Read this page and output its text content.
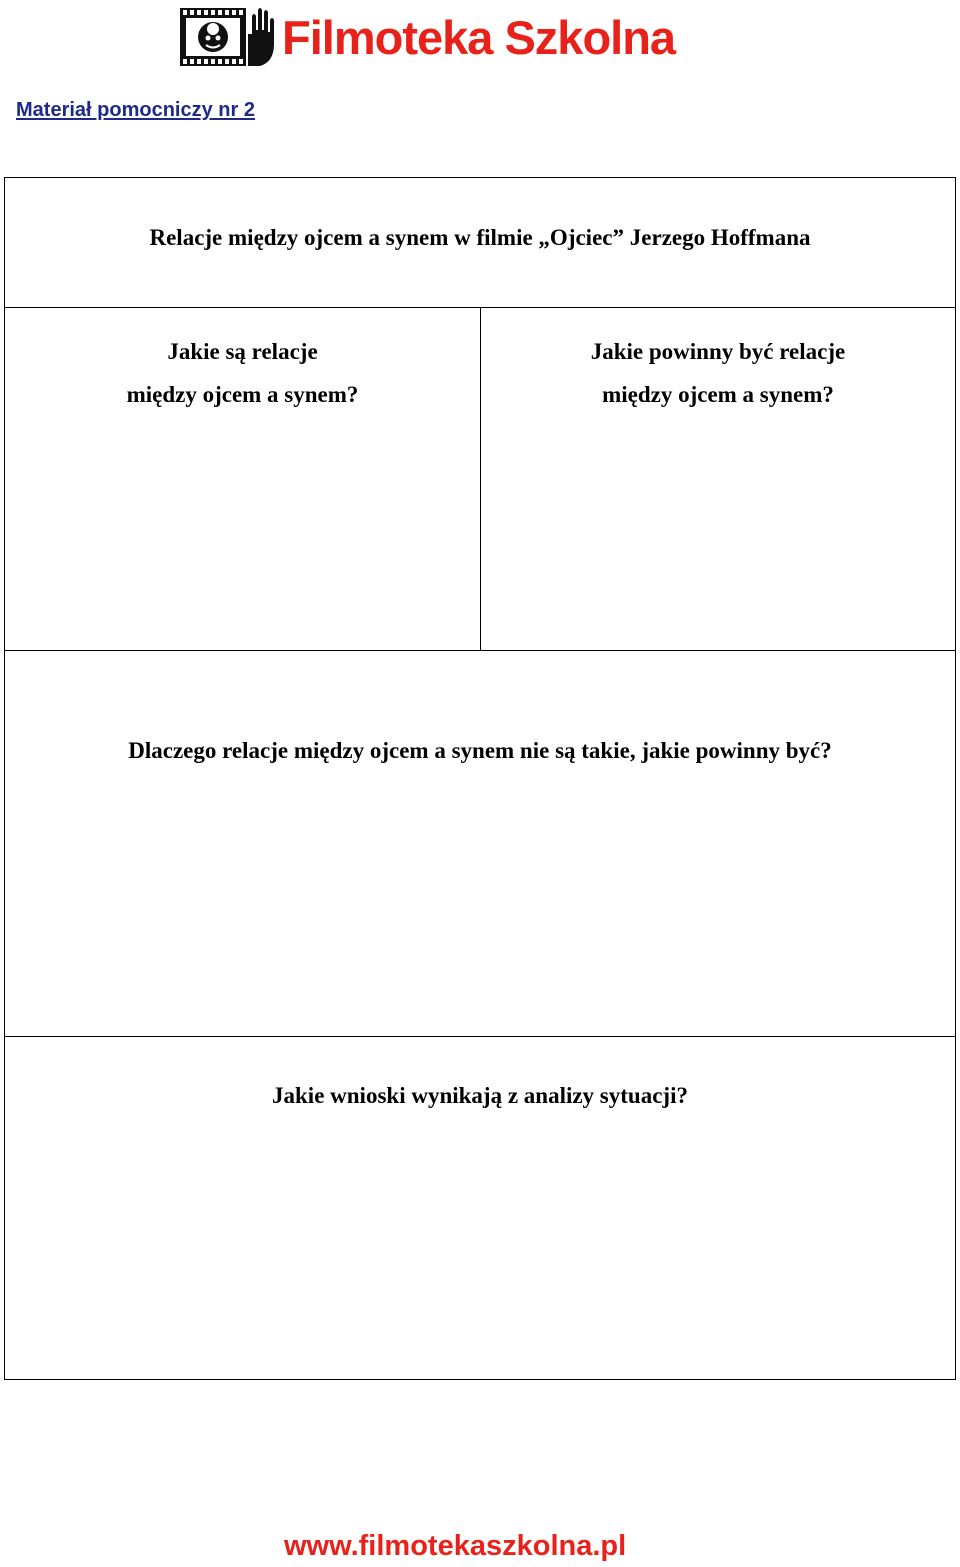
Filmoteka Szkolna
Materiał pomocniczy nr 2
Relacje między ojcem a synem w filmie „Ojciec” Jerzego Hoffmana
Jakie są relacje
między ojcem a synem?
Jakie powinny być relacje
między ojcem a synem?
Dlaczego relacje między ojcem a synem nie są takie, jakie powinny być?
Jakie wnioski wynikają z analizy sytuacji?
www.filmotekaszkolna.pl
